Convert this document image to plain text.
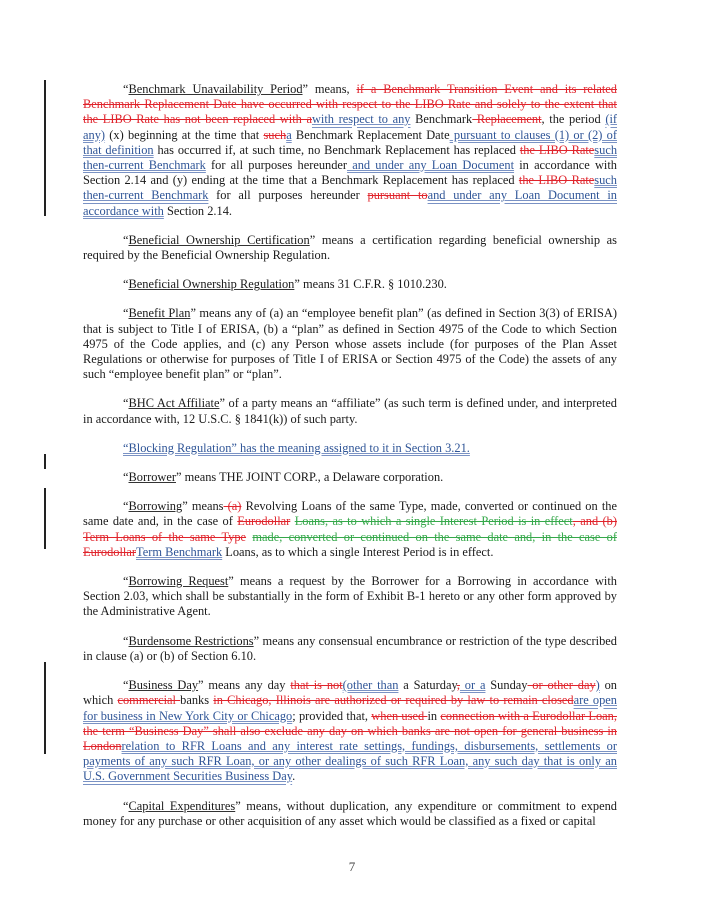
“Benchmark Unavailability Period” means, if a Benchmark Transition Event and its related Benchmark Replacement Date have occurred with respect to the LIBO Rate and solely to the extent that the LIBO Rate has not been replaced with awith respect to any Benchmark Replacement, the period (if any) (x) beginning at the time that sucha Benchmark Replacement Date pursuant to clauses (1) or (2) of that definition has occurred if, at such time, no Benchmark Replacement has replaced the LIBO Ratesuch then-current Benchmark for all purposes hereunder and under any Loan Document in accordance with Section 2.14 and (y) ending at the time that a Benchmark Replacement has replaced the LIBO Ratesuch then-current Benchmark for all purposes hereunder pursuant toand under any Loan Document in accordance with Section 2.14.

“Beneficial Ownership Certification” means a certification regarding beneficial ownership as required by the Beneficial Ownership Regulation.

“Beneficial Ownership Regulation” means 31 C.F.R. § 1010.230.

“Benefit Plan” means any of (a) an “employee benefit plan” (as defined in Section 3(3) of ERISA) that is subject to Title I of ERISA, (b) a “plan” as defined in Section 4975 of the Code to which Section 4975 of the Code applies, and (c) any Person whose assets include (for purposes of the Plan Asset Regulations or otherwise for purposes of Title I of ERISA or Section 4975 of the Code) the assets of any such “employee benefit plan” or “plan”.

“BHC Act Affiliate” of a party means an “affiliate” (as such term is defined under, and interpreted in accordance with, 12 U.S.C. § 1841(k)) of such party.

“Blocking Regulation” has the meaning assigned to it in Section 3.21.

“Borrower” means THE JOINT CORP., a Delaware corporation.

“Borrowing” means (a) Revolving Loans of the same Type, made, converted or continued on the same date and, in the case of Eurodollar Loans, as to which a single Interest Period is in effect, and (b) Term Loans of the same Type made, converted or continued on the same date and, in the case of EurodollarTerm Benchmark Loans, as to which a single Interest Period is in effect.

“Borrowing Request” means a request by the Borrower for a Borrowing in accordance with Section 2.03, which shall be substantially in the form of Exhibit B-1 hereto or any other form approved by the Administrative Agent.

“Burdensome Restrictions” means any consensual encumbrance or restriction of the type described in clause (a) or (b) of Section 6.10.

“Business Day” means any day that is not(other than a Saturday, or a Sunday or other day) on which commercial banks in Chicago, Illinois are authorized or required by law to remain closedare open for business in New York City or Chicago; provided that, when used in connection with a Eurodollar Loan, the term “Business Day” shall also exclude any day on which banks are not open for general business in Londonrelation to RFR Loans and any interest rate settings, fundings, disbursements, settlements or payments of any such RFR Loan, or any other dealings of such RFR Loan, any such day that is only an U.S. Government Securities Business Day.

“Capital Expenditures” means, without duplication, any expenditure or commitment to expend money for any purchase or other acquisition of any asset which would be classified as a fixed or capital

7
